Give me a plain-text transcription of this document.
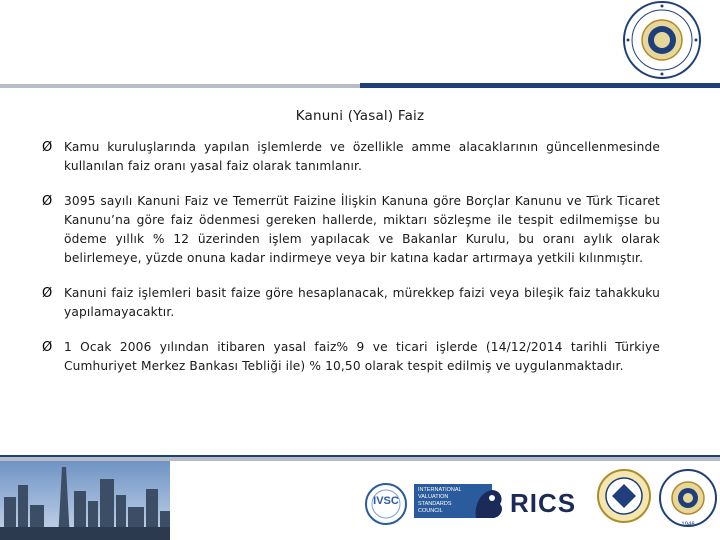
Kanuni (Yasal) Faiz
Ø Kamu kuruluşlarında yapılan işlemlerde ve özellikle amme alacaklarının güncellenmesinde kullanılan faiz oranı yasal faiz olarak tanımlanır.
Ø 3095 sayılı Kanuni Faiz ve Temerrüt Faizine İlişkin Kanuna göre Borçlar Kanunu ve Türk Ticaret Kanunu’na göre faiz ödenmesi gereken hallerde, miktarı sözleşme ile tespit edilmemişse bu ödeme yıllık % 12 üzerinden işlem yapılacak ve Bakanlar Kurulu, bu oranı aylık olarak belirlemeye, yüzde onuna kadar indirmeye veya bir katına kadar artırmaya yetkili kılınmıştır.
Ø Kanuni faiz işlemleri basit faize göre hesaplanacak, mürekkep faizi veya bileşik faiz tahakkuku yapılamayacaktır.
Ø 1 Ocak 2006 yılından itibaren yasal faiz% 9 ve ticari işlerde (14/12/2014 tarihli Türkiye Cumhuriyet Merkez Bankası Tebliği ile) % 10,50 olarak tespit edilmiş ve uygulanmaktadır.
IVSC
INTERNATIONAL
VALUATION
STANDARDS
COUNCIL	RICS
1946
